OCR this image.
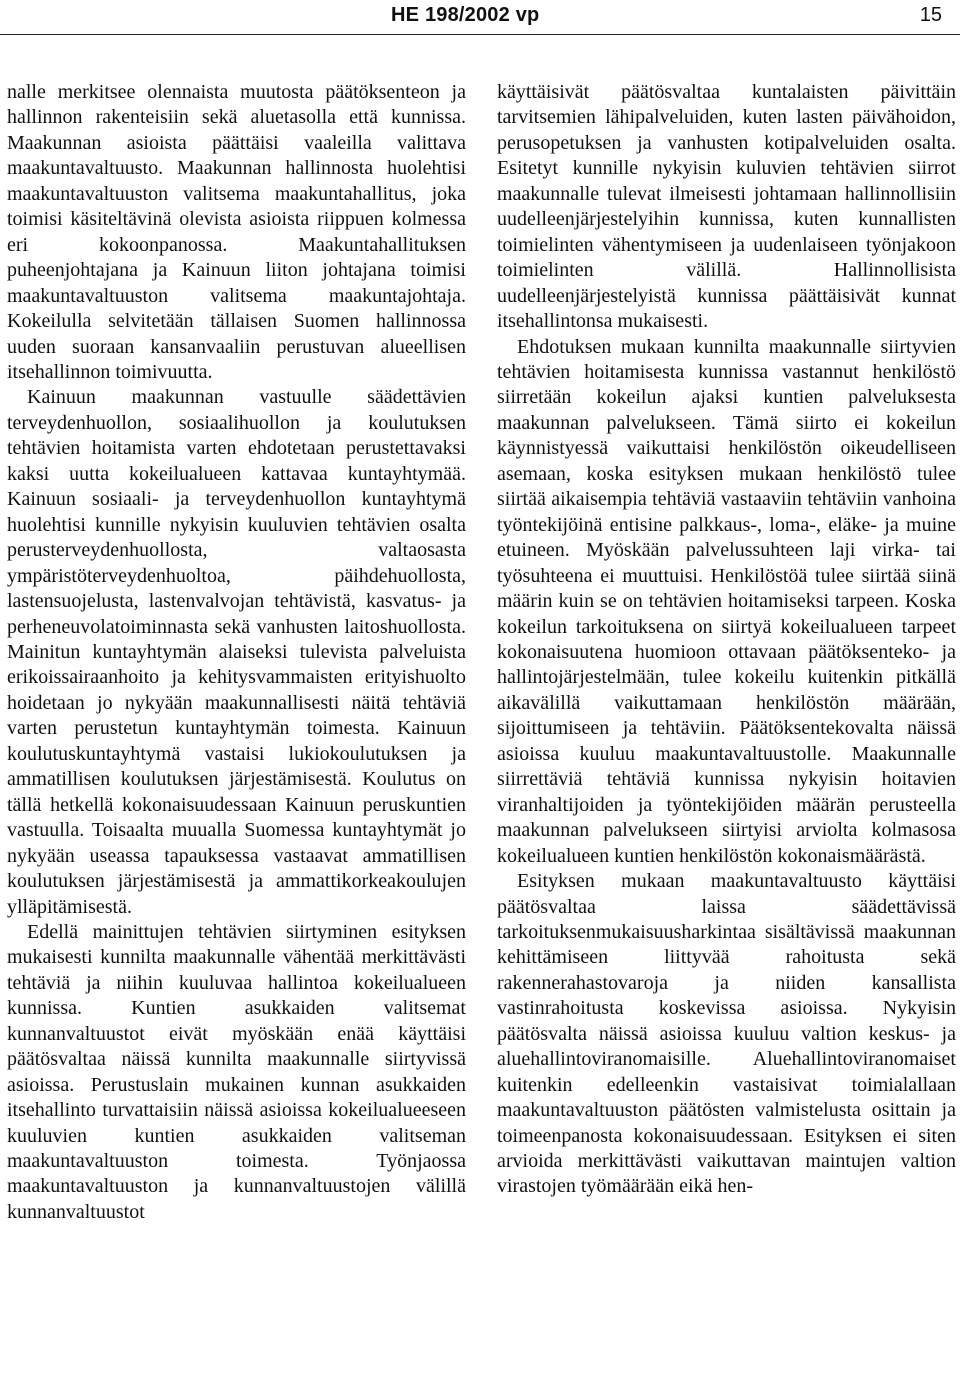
HE 198/2002 vp	15

nalle merkitsee olennaista muutosta päätöksenteon ja hallinnon rakenteisiin sekä aluetasolla että kunnissa. Maakunnan asioista päättäisi vaaleilla valittava maakuntavaltuusto. Maakunnan hallinnosta huolehtisi maakuntavaltuuston valitsema maakuntahallitus, joka toimisi käsiteltävinä olevista asioista riippuen kolmessa eri kokoonpanossa. Maakuntahallituksen puheenjohtajana ja Kainuun liiton johtajana toimisi maakuntavaltuuston valitsema maakuntajohtaja. Kokeilulla selvitetään tällaisen Suomen hallinnossa uuden suoraan kansanvaaliin perustuvan alueellisen itsehallinnon toimivuutta.

Kainuun maakunnan vastuulle säädettävien terveydenhuollon, sosiaalihuollon ja koulutuksen tehtävien hoitamista varten ehdotetaan perustettavaksi kaksi uutta kokeilualueen kattavaa kuntayhtymää. Kainuun sosiaali- ja terveydenhuollon kuntayhtymä huolehtisi kunnille nykyisin kuuluvien tehtävien osalta perusterveydenhuollosta, valtaosasta ympäristöterveydenhuoltoa, päihdehuollosta, lastensuojelusta, lastenvalvojan tehtävistä, kasvatus- ja perheneuvolatoiminnasta sekä vanhusten laitoshuollosta. Mainitun kuntayhtymän alaiseksi tulevista palveluista erikoissairaanhoito ja kehitysvammaisten erityishuolto hoidetaan jo nykyään maakunnallisesti näitä tehtäviä varten perustetun kuntayhtymän toimesta. Kainuun koulutuskuntayhtymä vastaisi lukiokoulutuksen ja ammatillisen koulutuksen järjestämisestä. Koulutus on tällä hetkellä kokonaisuudessaan Kainuun peruskuntien vastuulla. Toisaalta muualla Suomessa kuntayhtymät jo nykyään useassa tapauksessa vastaavat ammatillisen koulutuksen järjestämisestä ja ammattikorkeakoulujen ylläpitämisestä.

Edellä mainittujen tehtävien siirtyminen esityksen mukaisesti kunnilta maakunnalle vähentää merkittävästi tehtäviä ja niihin kuuluvaa hallintoa kokeilualueen kunnissa. Kuntien asukkaiden valitsemat kunnanvaltuustot eivät myöskään enää käyttäisi päätösvaltaa näissä kunnilta maakunnalle siirtyvissä asioissa. Perustuslain mukainen kunnan asukkaiden itsehallinto turvattaisiin näissä asioissa kokeilualueeseen kuuluvien kuntien asukkaiden valitseman maakuntavaltuuston toimesta. Työnjaossa maakuntavaltuuston ja kunnanvaltuustojen välillä kunnanvaltuustot

käyttäisivät päätösvaltaa kuntalaisten päivittäin tarvitsemien lähipalveluiden, kuten lasten päivähoidon, perusopetuksen ja vanhusten kotipalveluiden osalta. Esitetyt kunnille nykyisin kuluvien tehtävien siirrot maakunnalle tulevat ilmeisesti johtamaan hallinnollisiin uudelleenjärjestelyihin kunnissa, kuten kunnallisten toimielinten vähentymiseen ja uudenlaiseen työnjakoon toimielinten välillä. Hallinnollisista uudelleenjärjestelyistä kunnissa päättäisivät kunnat itsehallintonsa mukaisesti.

Ehdotuksen mukaan kunnilta maakunnalle siirtyvien tehtävien hoitamisesta kunnissa vastannut henkilöstö siirretään kokeilun ajaksi kuntien palveluksesta maakunnan palvelukseen. Tämä siirto ei kokeilun käynnistyessä vaikuttaisi henkilöstön oikeudelliseen asemaan, koska esityksen mukaan henkilöstö tulee siirtää aikaisempia tehtäviä vastaaviin tehtäviin vanhoina työntekijöinä entisine palkkaus-, loma-, eläke- ja muine etuineen. Myöskään palvelussuhteen laji virka- tai työsuhteena ei muuttuisi. Henkilöstöä tulee siirtää siinä määrin kuin se on tehtävien hoitamiseksi tarpeen. Koska kokeilun tarkoituksena on siirtyä kokeilualueen tarpeet kokonaisuutena huomioon ottavaan päätöksenteko- ja hallintojärjestelmään, tulee kokeilu kuitenkin pitkällä aikavälillä vaikuttamaan henkilöstön määrään, sijoittumiseen ja tehtäviin. Päätöksentekovalta näissä asioissa kuuluu maakuntavaltuustolle. Maakunnalle siirrettäviä tehtäviä kunnissa nykyisin hoitavien viranhaltijoiden ja työntekijöiden määrän perusteella maakunnan palvelukseen siirtyisi arviolta kolmasosa kokeilualueen kuntien henkilöstön kokonaismäärästä.

Esityksen mukaan maakuntavaltuusto käyttäisi päätösvaltaa laissa säädettävissä tarkoituksenmukaisuusharkintaa sisältävissä maakunnan kehittämiseen liittyvää rahoitusta sekä rakennerahastovaroja ja niiden kansallista vastinrahoitusta koskevissa asioissa. Nykyisin päätösvalta näissä asioissa kuuluu valtion keskus- ja aluehallintoviranomaisille. Aluehallintoviranomaiset kuitenkin edelleenkin vastaisivat toimialallaan maakuntavaltuuston päätösten valmistelusta osittain ja toimeenpanosta kokonaisuudessaan. Esityksen ei siten arvioida merkittävästi vaikuttavan maintujen valtion virastojen työmäärään eikä hen-
